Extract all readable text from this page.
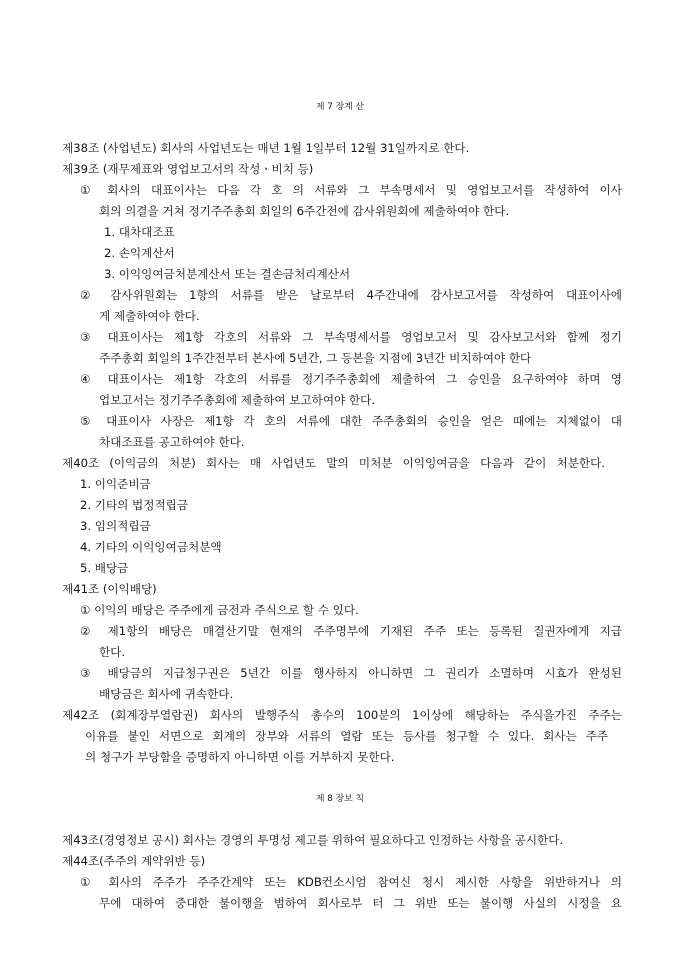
제 7 장계 산
제38조 (사업년도) 회사의 사업년도는 매년 1월 1일부터 12월 31일까지로 한다.
제39조 (재무제표와 영업보고서의 작성ㆍ비치 등)
① 회사의 대표이사는 다음 각 호 의 서류와 그 부속명세서 및 영업보고서를 작성하여 이사
회의 의결을 거쳐 정기주주총회 회일의 6주간전에 감사위원회에 제출하여야 한다.
1. 대차대조표
2. 손익계산서
3. 이익잉여금처분계산서 또는 결손금처리계산서
② 감사위원회는 1항의 서류를 받은 날로부터 4주간내에 감사보고서를 작성하여 대표이사에
게 제출하여야 한다.
③ 대표이사는 제1항 각호의 서류와 그 부속명세서를 영업보고서 및 감사보고서와 함께 정기
주주총회 회일의 1주간전부터 본사에 5년간, 그 등본을 지점에 3년간 비치하여야 한다
④ 대표이사는 제1항 각호의 서류를 정기주주총회에 제출하여 그 승인을 요구하여야 하며 영
업보고서는 정기주주총회에 제출하여 보고하여야 한다.
⑤ 대표이사 사장은 제1항 각 호의 서류에 대한 주주총회의 승인을 얻은 때에는 지체없이 대
차대조표를 공고하여야 한다.
제40조 (이익금의 처분) 회사는 매 사업년도 말의 미처분 이익잉여금을 다음과 같이 처분한다.
1. 이익준비금
2. 기타의 법정적립금
3. 임의적립금
4. 기타의 이익잉여금처분액
5. 배당금
제41조 (이익배당)
① 이익의 배당은 주주에게 금전과 주식으로 할 수 있다.
② 제1항의 배당은 매결산기말 현재의 주주명부에 기재된 주주 또는 등록된 질권자에게 지급
한다.
③ 배당금의 지급청구권은 5년간 이를 행사하지 아니하면 그 권리가 소멸하며 시효가 완성된
배당금은 회사에 귀속한다.
제42조 (회계장부열람권) 회사의 발행주식 총수의 100분의 1이상에 해당하는 주식을가진 주주는
이유를 붙인 서면으로 회계의 장부와 서류의 열람 또는 등사를 청구할 수 있다. 회사는 주주
의 청구가 부당함을 증명하지 아니하면 이를 거부하지 못한다.
제 8 장보 칙
제43조(경영정보 공시) 회사는 경영의 투명성 제고를 위하여 필요하다고 인정하는 사항을 공시한다.
제44조(주주의 계약위반 등)
① 회사의 주주가 주주간계약 또는 KDB컨소시엄 참여신 청시 제시한 사항을 위반하거나 의
무에 대하여 중대한 불이행을 범하여 회사로부 터 그 위반 또는 불이행 사실의 시정을 요
